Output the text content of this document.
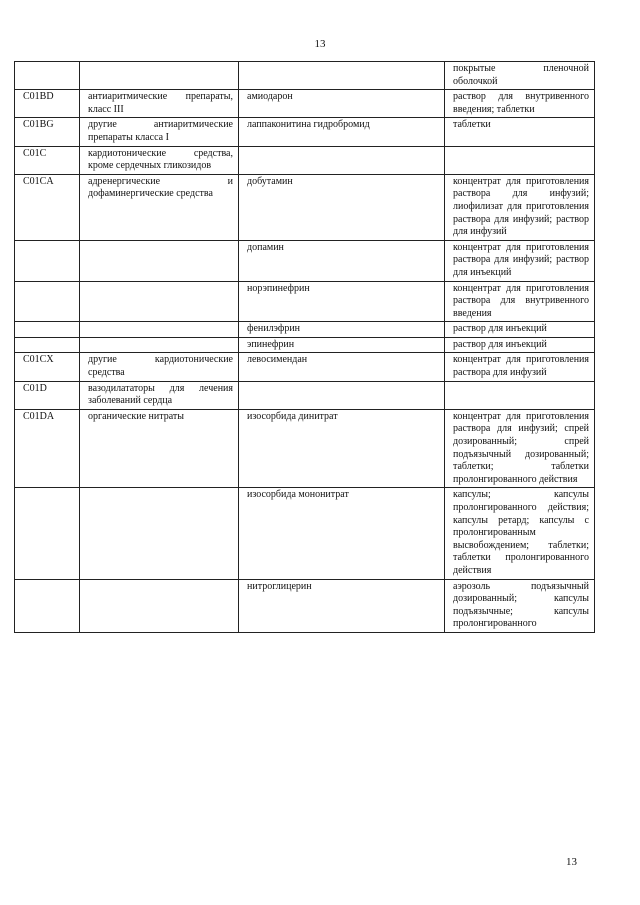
13
			покрытые пленочной оболочкой
C01BD	антиаритмические препараты, класс III	амиодарон	раствор для внутривенного введения; таблетки
C01BG	другие антиаритмические препараты класса I	лаппаконитина гидробромид	таблетки
C01C	кардиотонические средства, кроме сердечных гликозидов		
C01CA	адренергические и дофаминергические средства	добутамин	концентрат для приготовления раствора для инфузий; лиофилизат для приготовления раствора для инфузий; раствор для инфузий
		допамин	концентрат для приготовления раствора для инфузий; раствор для инъекций
		норэпинефрин	концентрат для приготовления раствора для внутривенного введения
		фенилэфрин	раствор для инъекций
		эпинефрин	раствор для инъекций
C01CX	другие кардиотонические средства	левосимендан	концентрат для приготовления раствора для инфузий
C01D	вазодилататоры для лечения заболеваний сердца		
C01DA	органические нитраты	изосорбида динитрат	концентрат для приготовления раствора для инфузий; спрей дозированный; спрей подъязычный дозированный; таблетки; таблетки пролонгированного действия
		изосорбида мононитрат	капсулы; капсулы пролонгированного действия; капсулы ретард; капсулы с пролонгированным высвобождением; таблетки; таблетки пролонгированного действия
		нитроглицерин	аэрозоль подъязычный дозированный; капсулы подъязычные; капсулы пролонгированного
13
